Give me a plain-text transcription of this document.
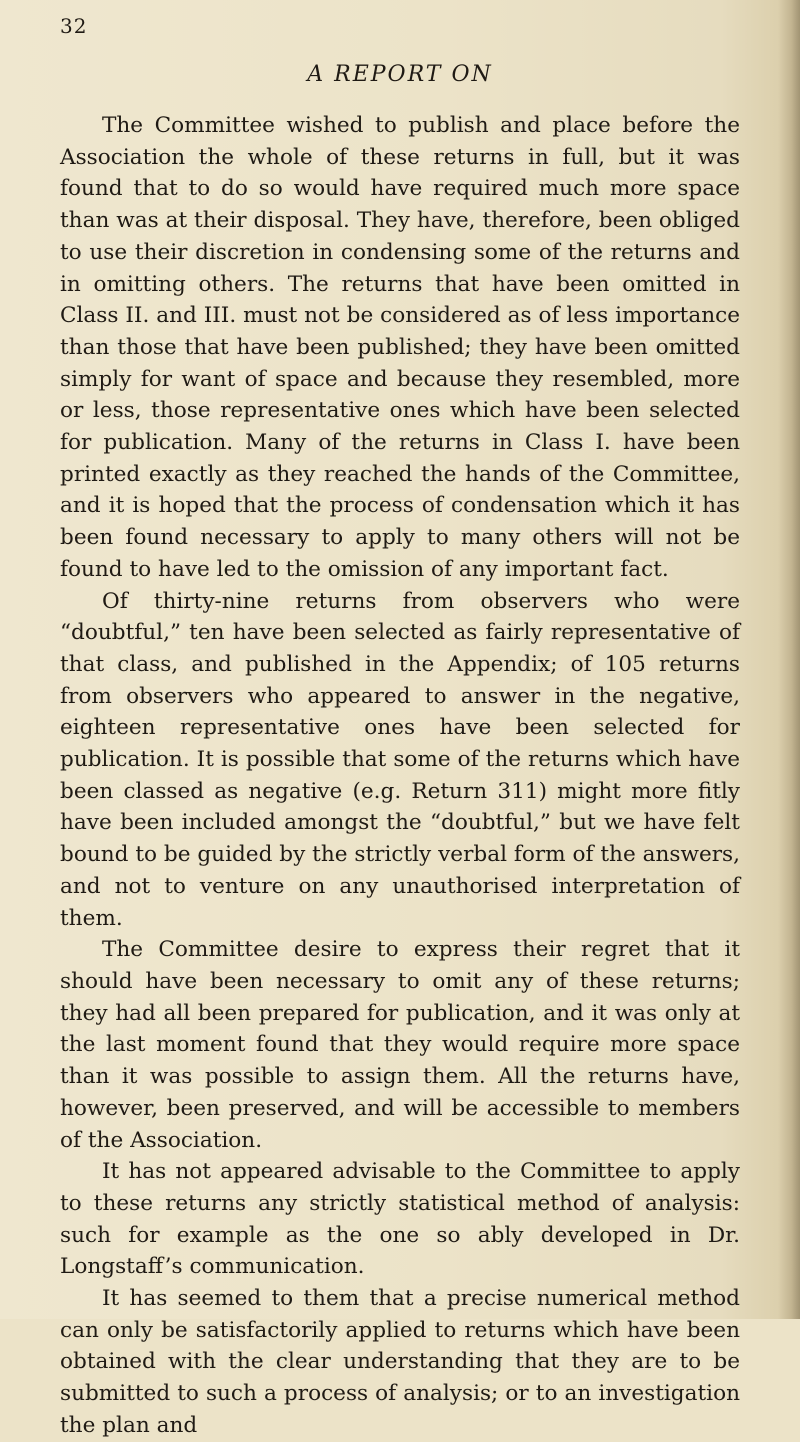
32
A REPORT ON

The Committee wished to publish and place before the Association the whole of these returns in full, but it was found that to do so would have required much more space than was at their disposal. They have, therefore, been obliged to use their discretion in condensing some of the returns and in omitting others. The returns that have been omitted in Class II. and III. must not be considered as of less importance than those that have been published; they have been omitted simply for want of space and because they resembled, more or less, those representative ones which have been selected for publication. Many of the returns in Class I. have been printed exactly as they reached the hands of the Committee, and it is hoped that the process of condensation which it has been found necessary to apply to many others will not be found to have led to the omission of any important fact.

Of thirty-nine returns from observers who were “doubtful,” ten have been selected as fairly representative of that class, and published in the Appendix; of 105 returns from observers who appeared to answer in the negative, eighteen representative ones have been selected for publication. It is possible that some of the returns which have been classed as negative (e.g. Return 311) might more fitly have been included amongst the “doubtful,” but we have felt bound to be guided by the strictly verbal form of the answers, and not to venture on any unauthorised interpretation of them.

The Committee desire to express their regret that it should have been necessary to omit any of these returns; they had all been prepared for publication, and it was only at the last moment found that they would require more space than it was possible to assign them. All the returns have, however, been preserved, and will be accessible to members of the Association.

It has not appeared advisable to the Committee to apply to these returns any strictly statistical method of analysis: such for example as the one so ably developed in Dr. Longstaff’s communication.

It has seemed to them that a precise numerical method can only be satisfactorily applied to returns which have been obtained with the clear understanding that they are to be submitted to such a process of analysis; or to an investigation the plan and
